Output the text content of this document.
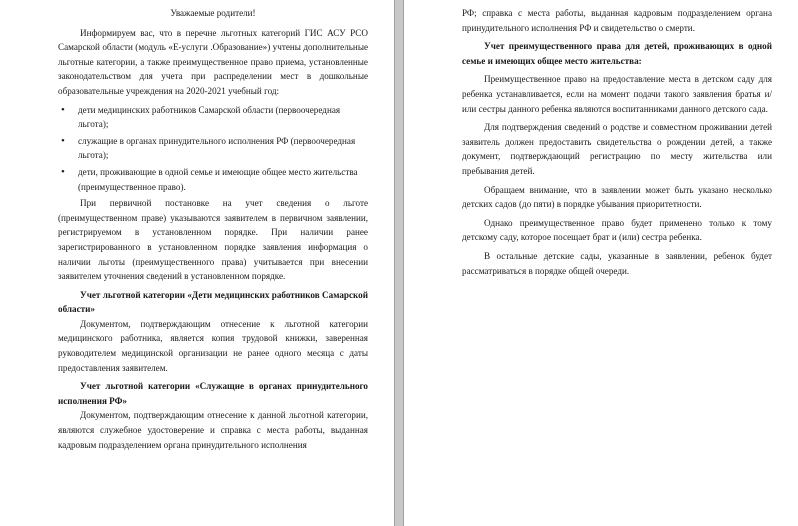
Уважаемые родители!

Информируем вас, что в перечне льготных категорий ГИС АСУ РСО Самарской области (модуль «Е-услуги .Образование») учтены дополнительные льготные категории, а также преимущественное право приема, установленные законодательством для учета при распределении мест в дошкольные образовательные учреждения на 2020-2021 учебный год:

• дети медицинских работников Самарской области (первоочередная льгота);
• служащие в органах принудительного исполнения РФ (первоочередная льгота);
• дети, проживающие в одной семье и имеющие общее место жительства (преимущественное право).

При первичной постановке на учет сведения о льготе (преимущественном праве) указываются заявителем в первичном заявлении, регистрируемом в установленном порядке. При наличии ранее зарегистрированного в установленном порядке заявления информация о наличии льготы (преимущественного права) учитывается при внесении заявителем уточнения сведений в установленном порядке.

Учет льготной категории «Дети медицинских работников Самарской области»

Документом, подтверждающим отнесение к льготной категории медицинского работника, является копия трудовой книжки, заверенная руководителем медицинской организации не ранее одного месяца с даты предоставления заявителем.

Учет льготной категории «Служащие в органах принудительного исполнения РФ»

Документом, подтверждающим отнесение к данной льготной категории, являются служебное удостоверение и справка с места работы, выданная кадровым подразделением органа принудительного исполнения

РФ; справка с места работы, выданная кадровым подразделением органа принудительного исполнения РФ и свидетельство о смерти.

Учет преимущественного права для детей, проживающих в одной семье и имеющих общее место жительства:

Преимущественное право на предоставление места в детском саду для ребенка устанавливается, если на момент подачи такого заявления братья и/или сестры данного ребенка являются воспитанниками данного детского сада.

Для подтверждения сведений о родстве и совместном проживании детей заявитель должен предоставить свидетельства о рождении детей, а также документ, подтверждающий регистрацию по месту жительства или пребывания детей.

Обращаем внимание, что в заявлении может быть указано несколько детских садов (до пяти) в порядке убывания приоритетности.

Однако преимущественное право будет применено только к тому детскому саду, которое посещает брат и (или) сестра ребенка.

В остальные детские сады, указанные в заявлении, ребенок будет рассматриваться в порядке общей очереди.
